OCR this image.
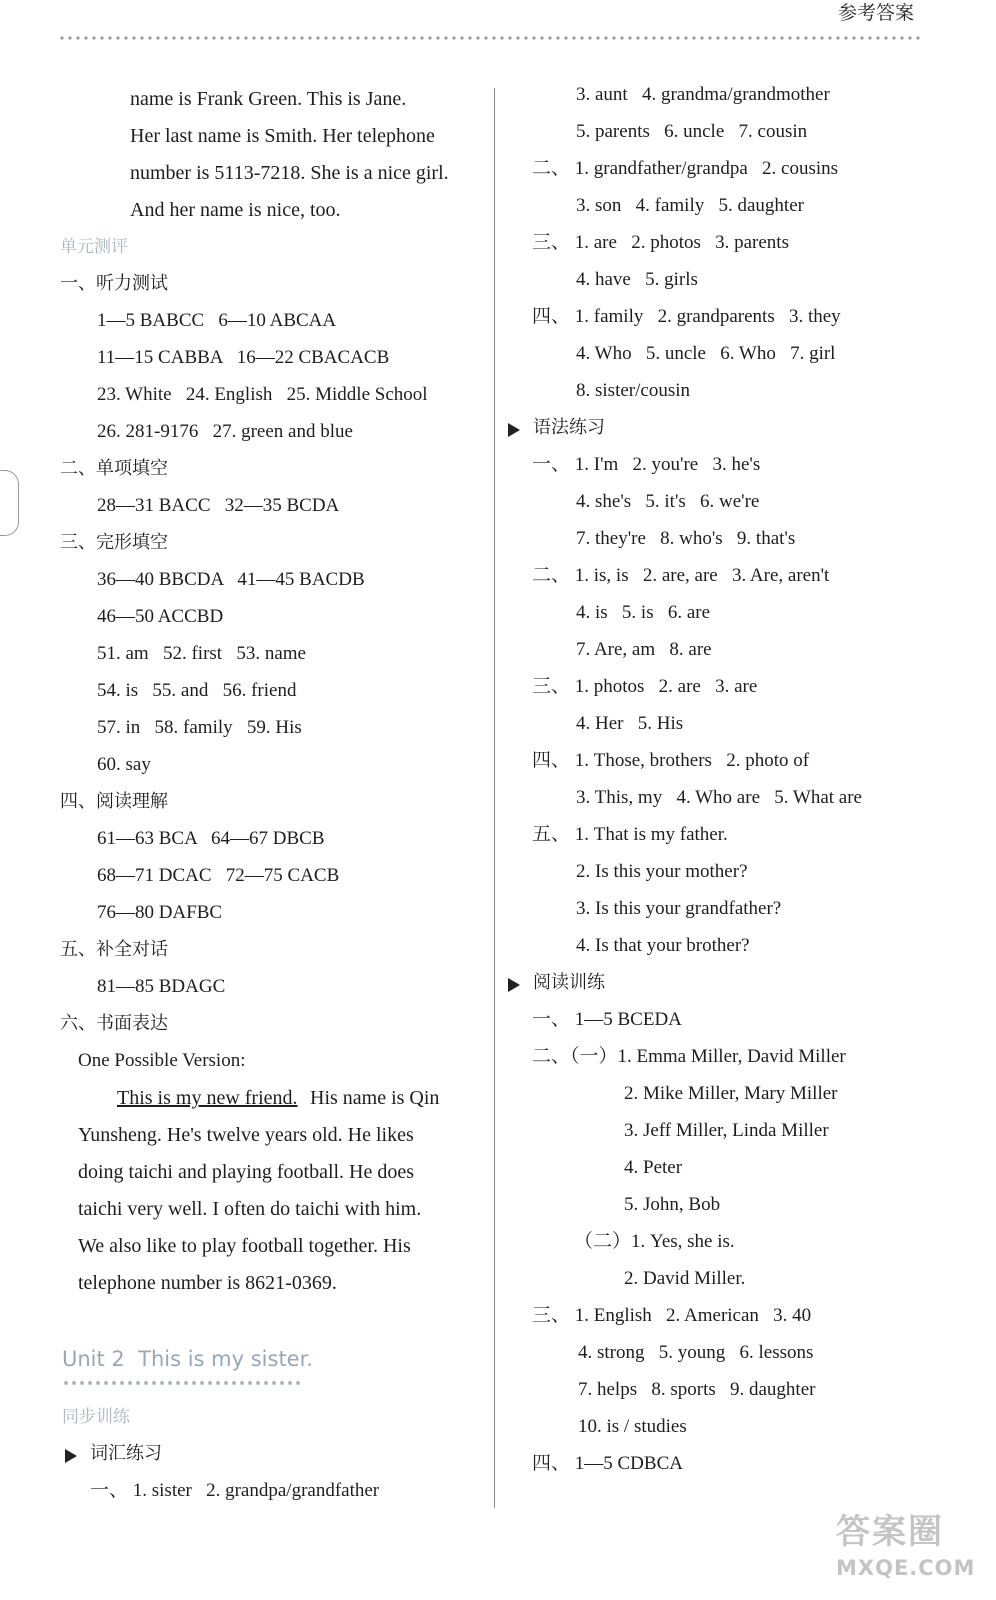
参考答案
name is Frank Green. This is Jane.
Her last name is Smith. Her telephone
number is 5113-7218. She is a nice girl.
And her name is nice, too.
单元测评
一、听力测试
1—5 BABCC   6—10 ABCAA
11—15 CABBA   16—22 CBACACB
23. White   24. English   25. Middle School
26. 281-9176   27. green and blue
二、单项填空
28—31 BACC   32—35 BCDA
三、完形填空
36—40 BBCDA   41—45 BACDB
46—50 ACCBD
51. am   52. first   53. name
54. is   55. and   56. friend
57. in   58. family   59. His
60. say
四、阅读理解
61—63 BCA   64—67 DBCB
68—71 DCAC   72—75 CACB
76—80 DAFBC
五、补全对话
81—85 BDAGC
六、书面表达
One Possible Version:
This is my new friend. His name is Qin
Yunsheng. He's twelve years old. He likes
doing taichi and playing football. He does
taichi very well. I often do taichi with him.
We also like to play football together. His
telephone number is 8621-0369.
Unit 2  This is my sister.
同步训练
词汇练习
一、 1. sister   2. grandpa/grandfather
3. aunt   4. grandma/grandmother
5. parents   6. uncle   7. cousin
二、 1. grandfather/grandpa   2. cousins
3. son   4. family   5. daughter
三、 1. are   2. photos   3. parents
4. have   5. girls
四、 1. family   2. grandparents   3. they
4. Who   5. uncle   6. Who   7. girl
8. sister/cousin
语法练习
一、 1. I'm   2. you're   3. he's
4. she's   5. it's   6. we're
7. they're   8. who's   9. that's
二、 1. is, is   2. are, are   3. Are, aren't
4. is   5. is   6. are
7. Are, am   8. are
三、 1. photos   2. are   3. are
4. Her   5. His
四、 1. Those, brothers   2. photo of
3. This, my   4. Who are   5. What are
五、 1. That is my father.
2. Is this your mother?
3. Is this your grandfather?
4. Is that your brother?
阅读训练
一、 1—5 BCEDA
二、（一）1. Emma Miller, David Miller
2. Mike Miller, Mary Miller
3. Jeff Miller, Linda Miller
4. Peter
5. John, Bob
（二）1. Yes, she is.
2. David Miller.
三、 1. English   2. American   3. 40
4. strong   5. young   6. lessons
7. helps   8. sports   9. daughter
10. is / studies
四、 1—5 CDBCA
答案圈
MXQE.COM
